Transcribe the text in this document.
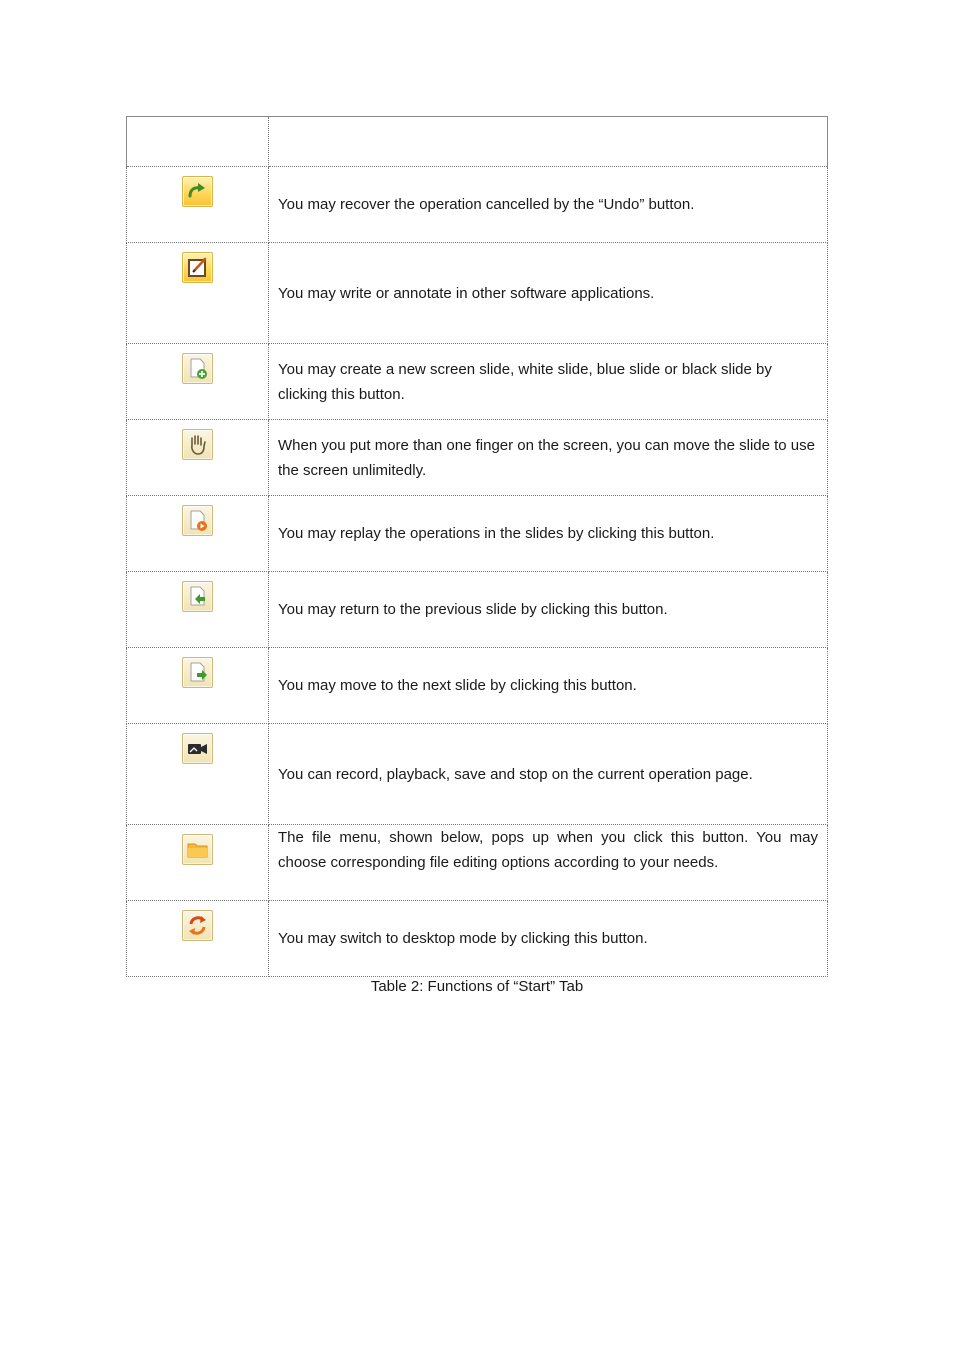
	You may recover the operation cancelled by the “Undo” button.

	You may write or annotate in other software applications.

	You may create a new screen slide, white slide, blue slide or black slide by clicking this button.

	When you put more than one finger on the screen, you can move the slide to use the screen unlimitedly.

	You may replay the operations in the slides by clicking this button.

	You may return to the previous slide by clicking this button.

	You may move to the next slide by clicking this button.

	You can record, playback, save and stop on the current operation page.

	The file menu, shown below, pops up when you click this button. You may choose corresponding file editing options according to your needs.

	You may switch to desktop mode by clicking this button.
Table 2: Functions of “Start” Tab
